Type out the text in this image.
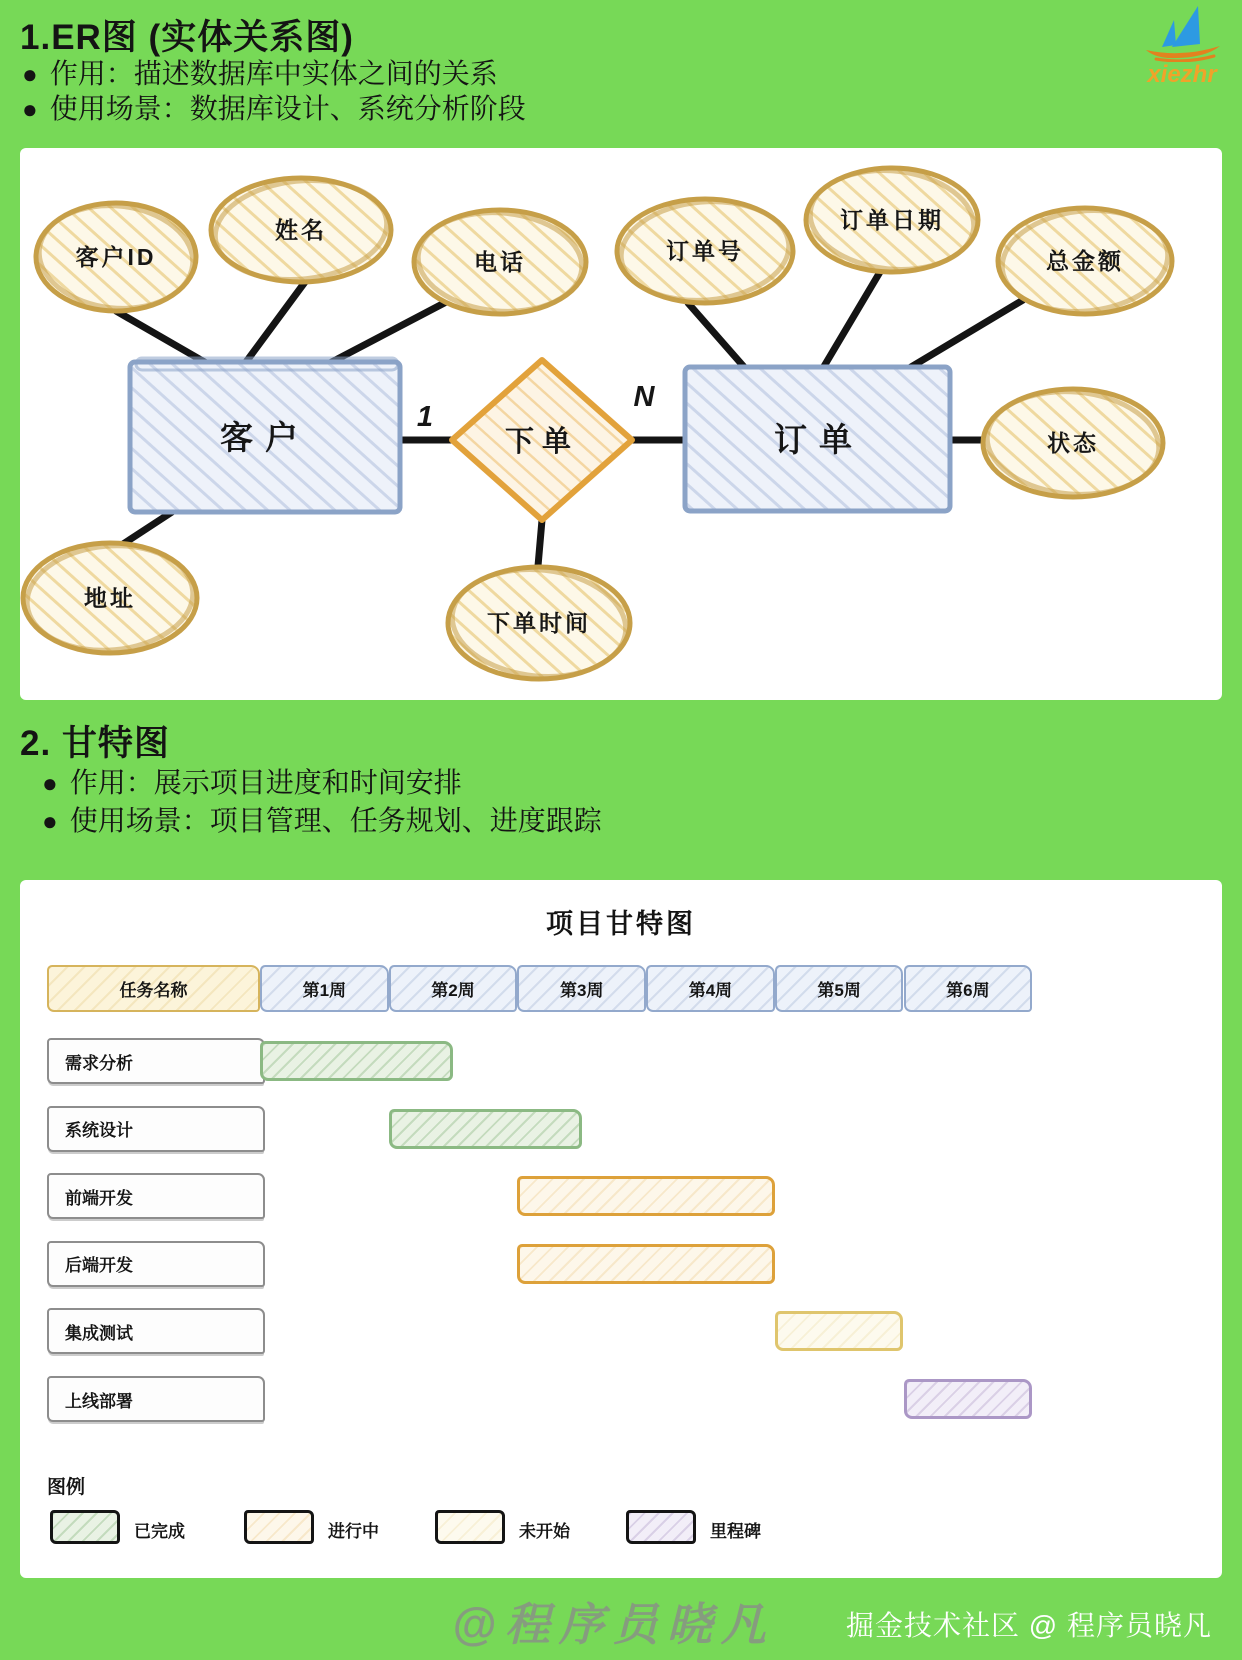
1.ER图 (实体关系图)
● 作用：描述数据库中实体之间的关系
● 使用场景：数据库设计、系统分析阶段
xiezhr
客户	订单
下单
1
N
客户ID
姓名
电话	订单号
订单日期
总金额
状态
地址
下单时间
2. 甘特图
● 作用：展示项目进度和时间安排
● 使用场景：项目管理、任务规划、进度跟踪
项目甘特图
任务名称	第1周	第2周	第3周	第4周	第5周	第6周
需求分析
系统设计
前端开发
后端开发
集成测试
上线部署
已完成	进行中	未开始	里程碑
图例
@程序员晓凡	掘金技术社区 @ 程序员晓凡
